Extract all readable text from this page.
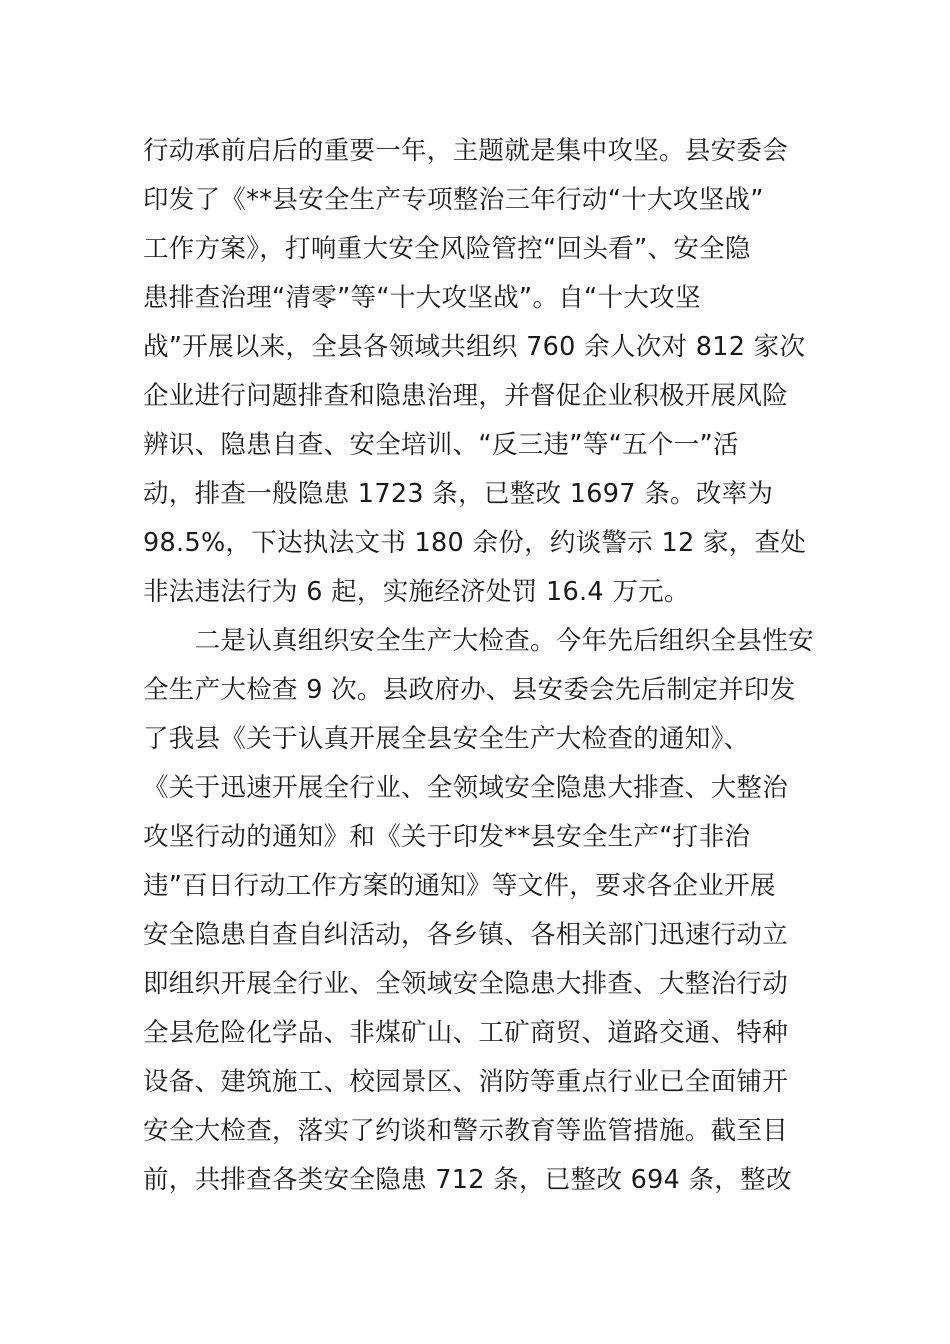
行动承前启后的重要一年，主题就是集中攻坚。县安委会
印发了《**县安全生产专项整治三年行动“十大攻坚战”
工作方案》，打响重大安全风险管控“回头看”、安全隐
患排查治理“清零”等“十大攻坚战”。自“十大攻坚
战”开展以来，全县各领域共组织 760 余人次对 812 家次
企业进行问题排查和隐患治理，并督促企业积极开展风险
辨识、隐患自查、安全培训、“反三违”等“五个一”活
动，排查一般隐患 1723 条，已整改 1697 条。改率为
98.5%，下达执法文书 180 余份，约谈警示 12 家，查处
非法违法行为 6 起，实施经济处罚 16.4 万元。
　　二是认真组织安全生产大检查。今年先后组织全县性安
全生产大检查 9 次。县政府办、县安委会先后制定并印发
了我县《关于认真开展全县安全生产大检查的通知》、
《关于迅速开展全行业、全领域安全隐患大排查、大整治
攻坚行动的通知》和《关于印发**县安全生产“打非治
违”百日行动工作方案的通知》等文件，要求各企业开展
安全隐患自查自纠活动，各乡镇、各相关部门迅速行动立
即组织开展全行业、全领域安全隐患大排查、大整治行动
全县危险化学品、非煤矿山、工矿商贸、道路交通、特种
设备、建筑施工、校园景区、消防等重点行业已全面铺开
安全大检查，落实了约谈和警示教育等监管措施。截至目
前，共排查各类安全隐患 712 条，已整改 694 条，整改
